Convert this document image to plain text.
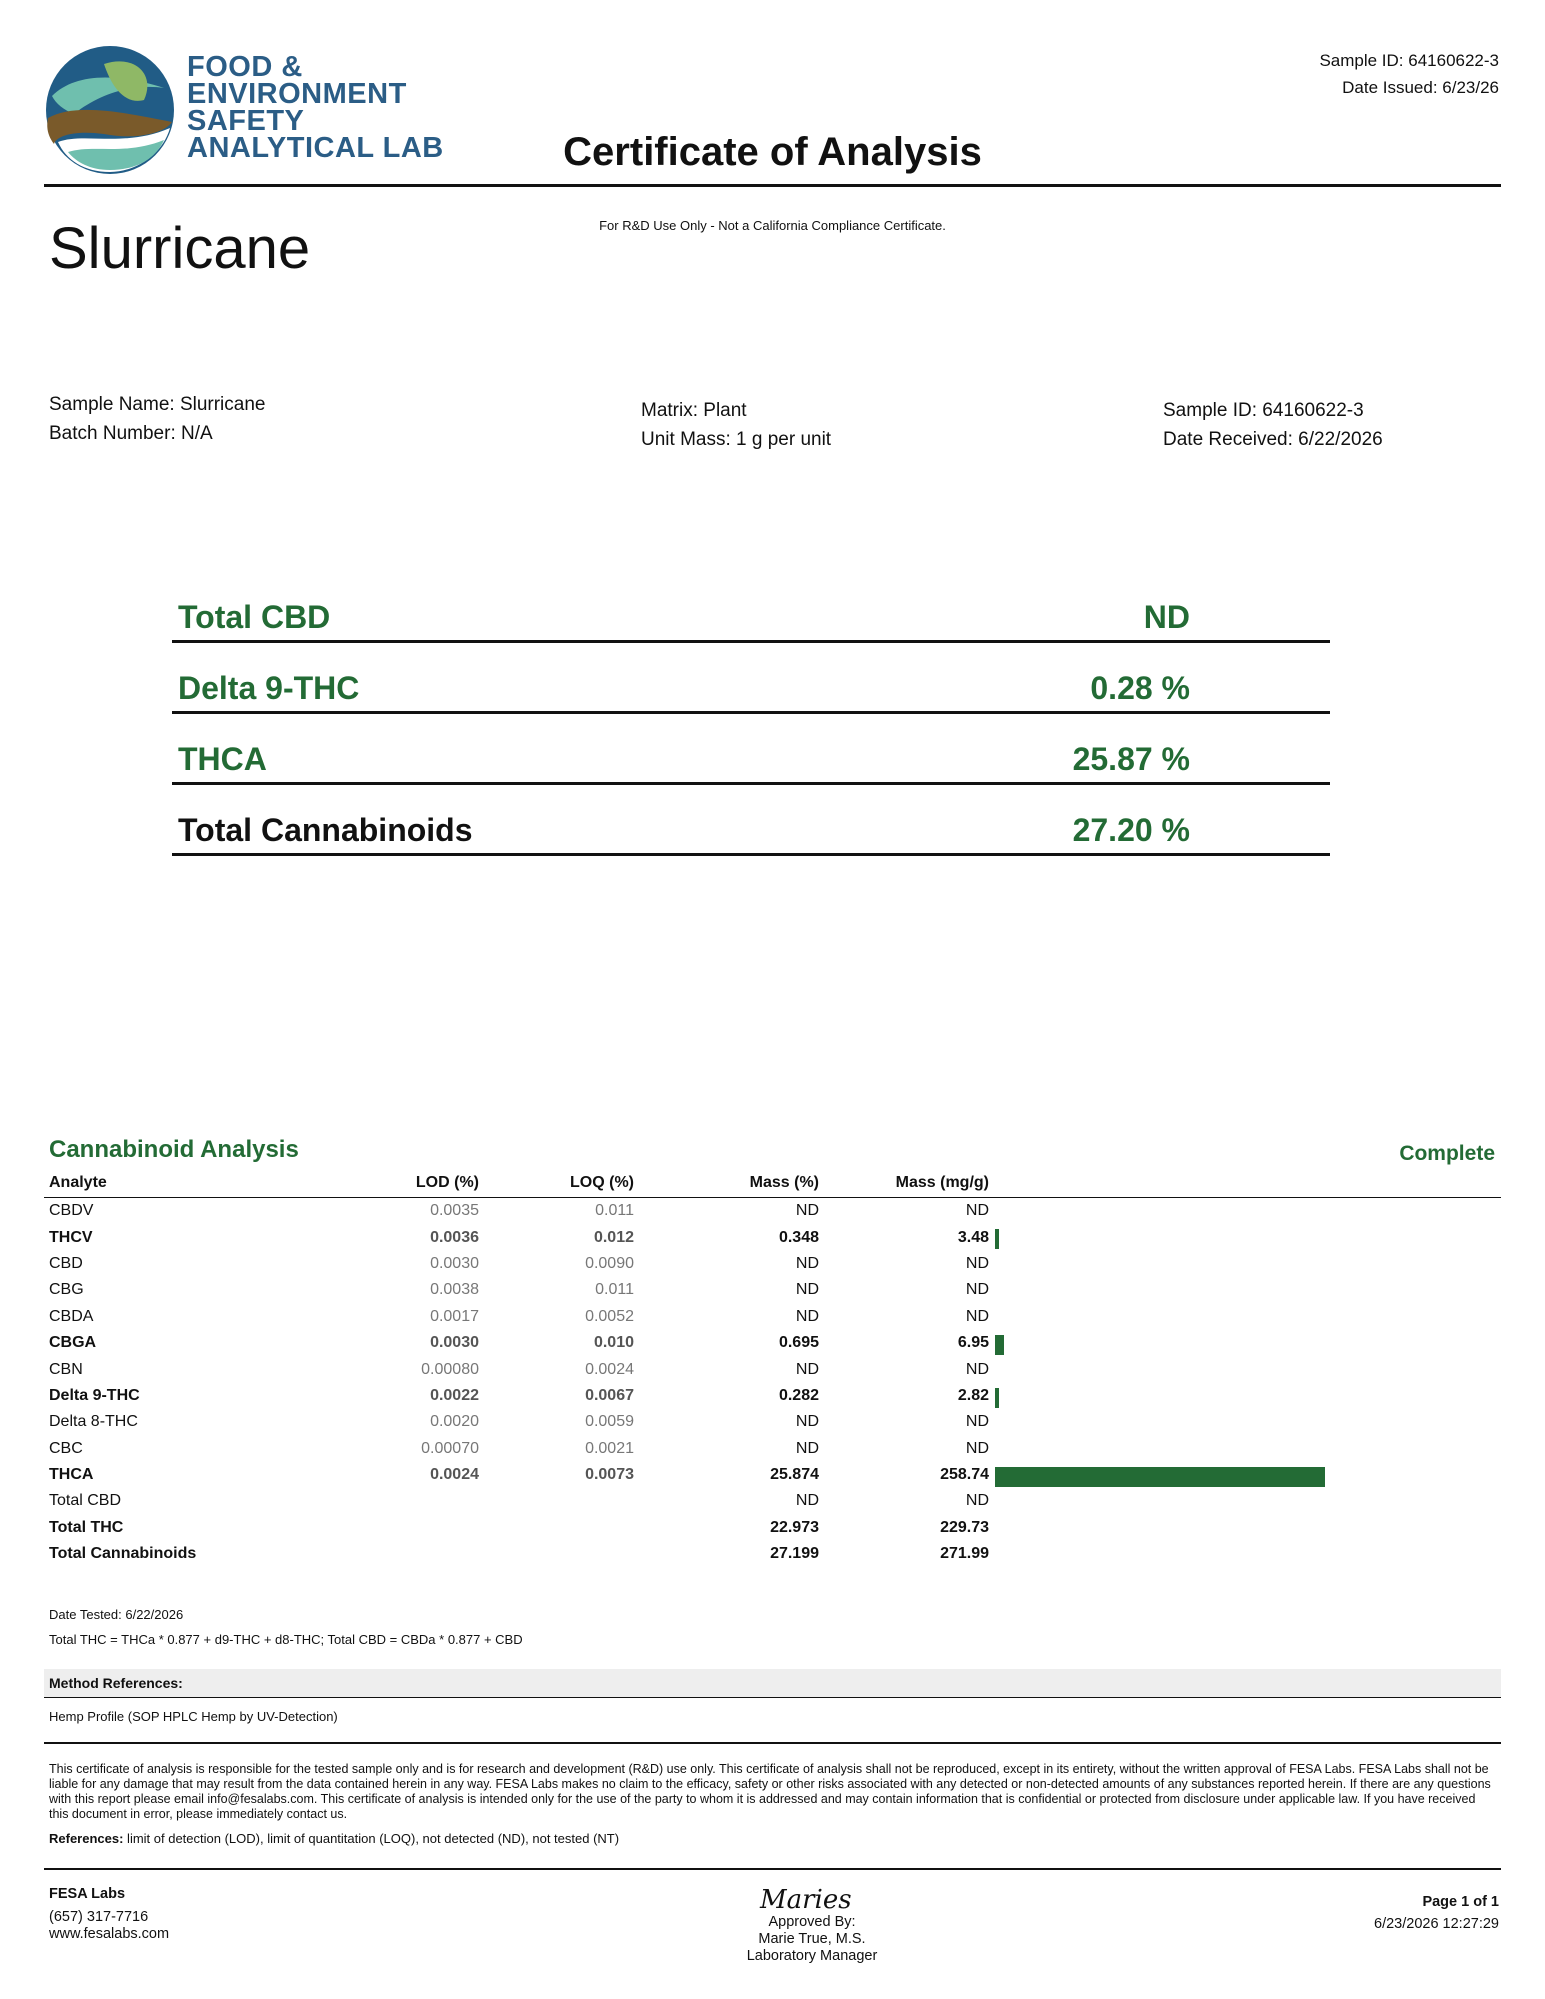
FOOD &
ENVIRONMENT
SAFETY
ANALYTICAL LAB
Sample ID: 64160622-3
Date Issued: 6/23/26
Certificate of Analysis
For R&D Use Only - Not a California Compliance Certificate.
Slurricane
Sample Name: Slurricane
Batch Number: N/A
Matrix: Plant
Unit Mass: 1 g per unit
Sample ID: 64160622-3
Date Received: 6/22/2026
Total CBD	ND
Delta 9-THC	0.28 %
THCA	25.87 %
Total Cannabinoids	27.20 %
Cannabinoid Analysis	Complete
Analyte	LOD (%)	LOQ (%)	Mass (%)	Mass (mg/g)	
CBDV	0.0035	0.011	ND	ND	
THCV	0.0036	0.012	0.348	3.48	

CBD	0.0030	0.0090	ND	ND	
CBG	0.0038	0.011	ND	ND	
CBDA	0.0017	0.0052	ND	ND	
CBGA	0.0030	0.010	0.695	6.95	

CBN	0.00080	0.0024	ND	ND	
Delta 9-THC	0.0022	0.0067	0.282	2.82	

Delta 8-THC	0.0020	0.0059	ND	ND	
CBC	0.00070	0.0021	ND	ND	
THCA	0.0024	0.0073	25.874	258.74	

Total CBD			ND	ND	
Total THC			22.973	229.73	
Total Cannabinoids			27.199	271.99	
Date Tested: 6/22/2026
Total THC = THCa * 0.877 + d9-THC + d8-THC; Total CBD = CBDa * 0.877 + CBD
Method References:
Hemp Profile (SOP HPLC Hemp by UV-Detection)
This certificate of analysis is responsible for the tested sample only and is for research and development (R&D) use only. This certificate of analysis shall not be reproduced, except in its entirety, without the written approval of FESA Labs. FESA Labs shall not be liable for any damage that may result from the data contained herein in any way. FESA Labs makes no claim to the efficacy, safety or other risks associated with any detected or non-detected amounts of any substances reported herein. If there are any questions with this report please email info@fesalabs.com. This certificate of analysis is intended only for the use of the party to whom it is addressed and may contain information that is confidential or protected from disclosure under applicable law. If you have received this document in error, please immediately contact us.
References: limit of detection (LOD), limit of quantitation (LOQ), not detected (ND), not tested (NT)
FESA Labs
(657) 317-7716
www.fesalabs.com
Maries
Approved By:
Marie True, M.S.
Laboratory Manager
Page 1 of 1
6/23/2026 12:27:29
